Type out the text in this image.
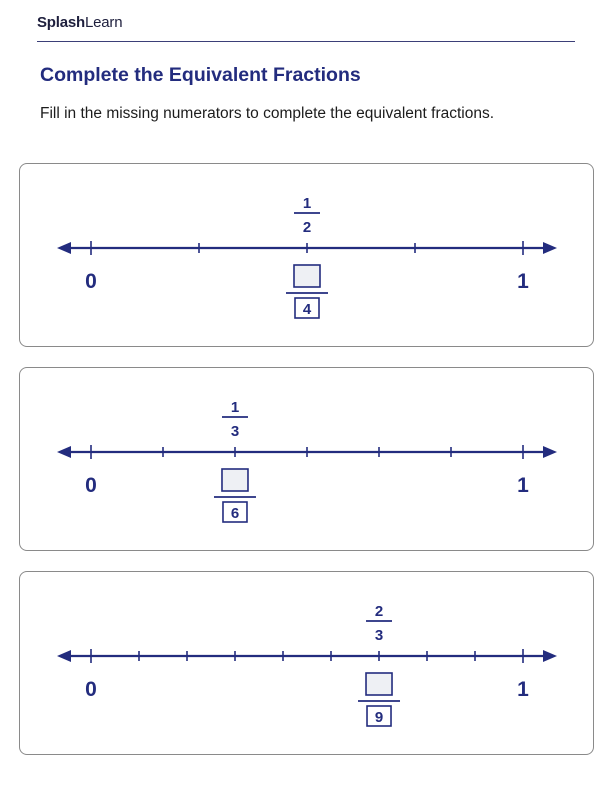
SplashLearn
Complete the Equivalent Fractions
Fill in the missing numerators to complete the equivalent fractions.
0	1
1
2
4
0	1
1
3
6
0	1
2
3
9
